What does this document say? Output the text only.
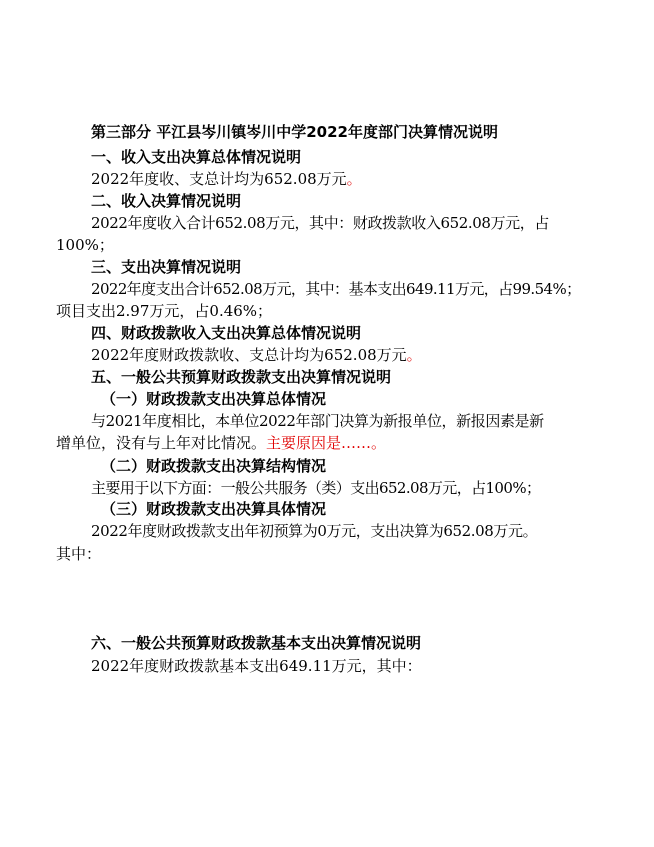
第三部分 平江县岑川镇岑川中学2022年度部门决算情况说明
一、收入支出决算总体情况说明
2022年度收、支总计均为652.08万元。
二、收入决算情况说明
2022年度收入合计652.08万元，其中：财政拨款收入652.08万元，占
100%；
三、支出决算情况说明
2022年度支出合计652.08万元，其中：基本支出649.11万元，占99.54%；
项目支出2.97万元，占0.46%；
四、财政拨款收入支出决算总体情况说明
2022年度财政拨款收、支总计均为652.08万元。
五、一般公共预算财政拨款支出决算情况说明
（一）财政拨款支出决算总体情况
与2021年度相比，本单位2022年部门决算为新报单位，新报因素是新
增单位，没有与上年对比情况。主要原因是……。
（二）财政拨款支出决算结构情况
主要用于以下方面：一般公共服务（类）支出652.08万元，占100%；
（三）财政拨款支出决算具体情况
2022年度财政拨款支出年初预算为0万元，支出决算为652.08万元。
其中：
六、一般公共预算财政拨款基本支出决算情况说明
2022年度财政拨款基本支出649.11万元，其中：
